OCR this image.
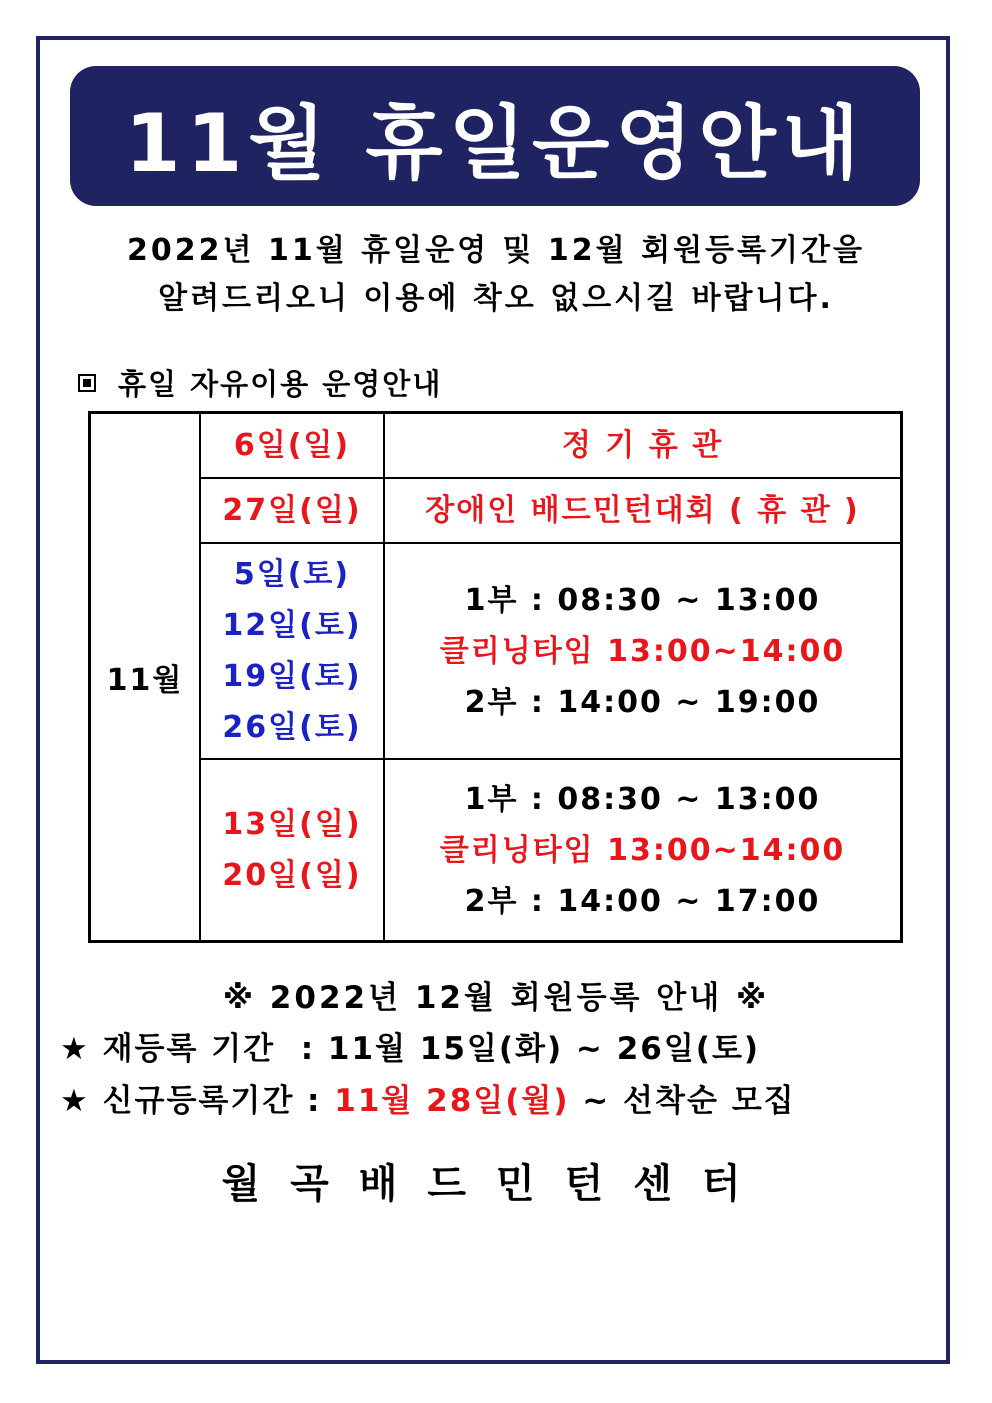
11월 휴일운영안내
2022년 11월 휴일운영 및 12월 회원등록기간을
알려드리오니 이용에 착오 없으시길 바랍니다.
휴일 자유이용 운영안내
11월	6일(일)	정 기 휴 관

	27일(일)	장애인 배드민턴대회 ( 휴 관 )

	5일(토)
12일(토)
19일(토)
26일(토)	1부 : 08:30 ~ 13:00
클리닝타임 13:00~14:00
2부 : 14:00 ~ 19:00

	13일(일)
20일(일)	1부 : 08:30 ~ 13:00
클리닝타임 13:00~14:00
2부 : 14:00 ~ 17:00
※ 2022년 12월 회원등록 안내 ※
★ 재등록 기간  : 11월 15일(화) ~ 26일(토)
★ 신규등록기간 : 11월 28일(월) ~ 선착순 모집
월곡배드민턴센터
